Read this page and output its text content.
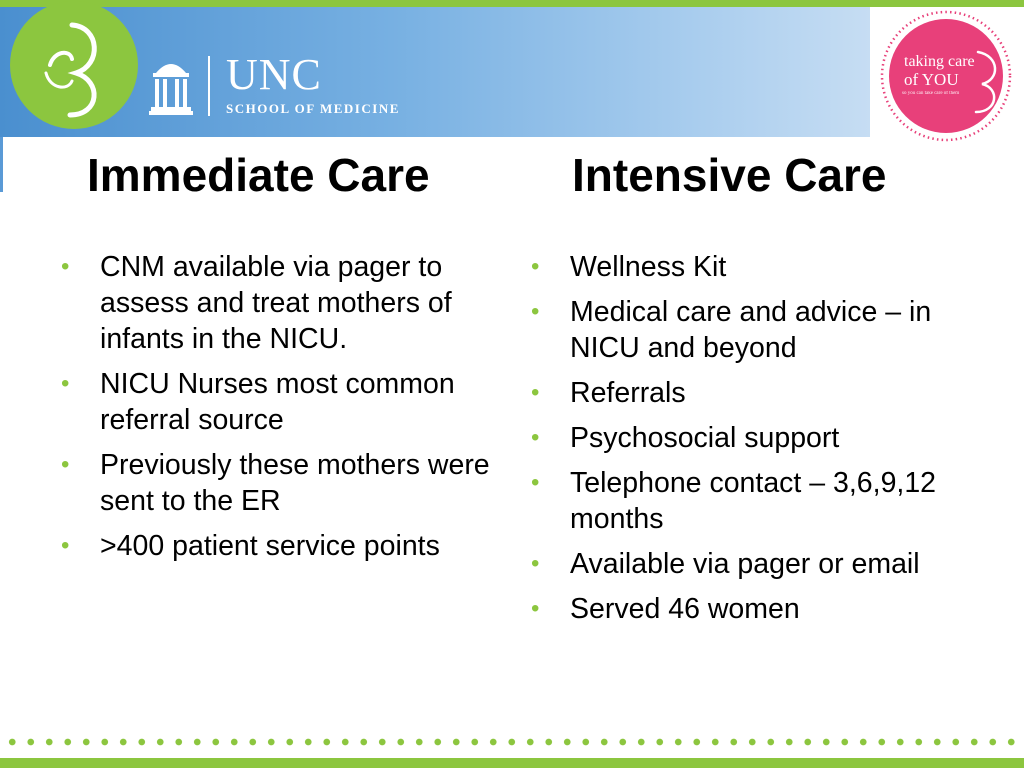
UNC
SCHOOL OF MEDICINE
taking care
of YOU
so you can take care of them
Immediate Care	Intensive Care
• CNM available via pager to assess and treat mothers of infants in the NICU.
• NICU Nurses most common referral source
• Previously these mothers were sent to the ER
• >400 patient service points
• Wellness Kit
• Medical care and advice – in NICU and beyond
• Referrals
• Psychosocial support
• Telephone contact – 3,6,9,12 months
• Available via pager or email
• Served 46 women
